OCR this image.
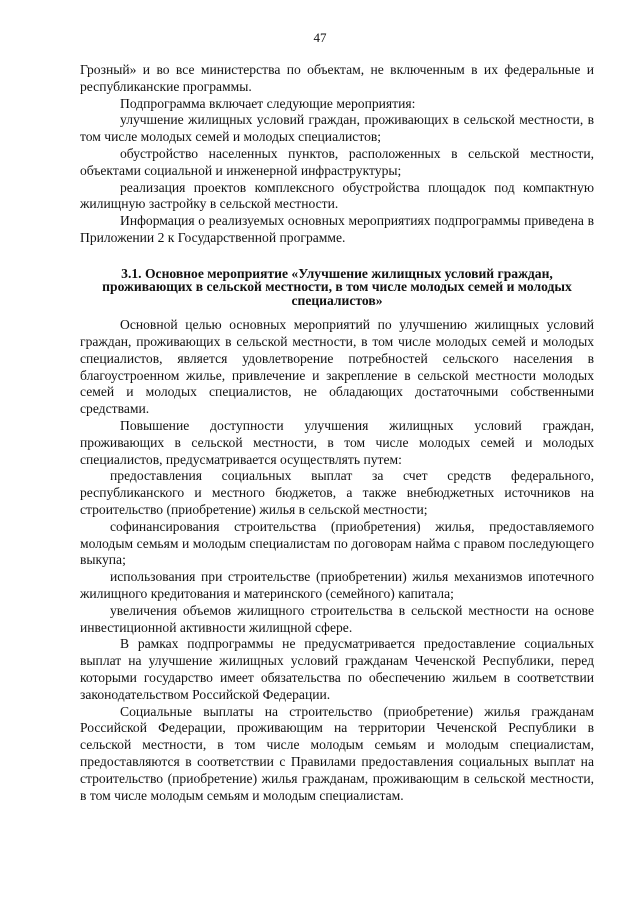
47

Грозный» и во все министерства по объектам, не включенным в их федеральные и республиканские программы.

Подпрограмма включает следующие мероприятия:

улучшение жилищных условий граждан, проживающих в сельской местности, в том числе молодых семей и молодых специалистов;

обустройство населенных пунктов, расположенных в сельской местности, объектами социальной и инженерной инфраструктуры;

реализация проектов комплексного обустройства площадок под компактную жилищную застройку в сельской местности.

Информация о реализуемых основных мероприятиях подпрограммы приведена в Приложении 2 к Государственной программе.

3.1. Основное мероприятие «Улучшение жилищных условий граждан, проживающих в сельской местности, в том числе молодых семей и молодых специалистов»

Основной целью основных мероприятий по улучшению жилищных условий граждан, проживающих в сельской местности, в том числе молодых семей и молодых специалистов, является удовлетворение потребностей сельского населения в благоустроенном жилье, привлечение и закрепление в сельской местности молодых семей и молодых специалистов, не обладающих достаточными собственными средствами.

Повышение доступности улучшения жилищных условий граждан, проживающих в сельской местности, в том числе молодых семей и молодых специалистов, предусматривается осуществлять путем:

предоставления социальных выплат за счет средств федерального, республиканского и местного бюджетов, а также внебюджетных источников на строительство (приобретение) жилья в сельской местности;

софинансирования строительства (приобретения) жилья, предоставляемого молодым семьям и молодым специалистам по договорам найма с правом последующего выкупа;

использования при строительстве (приобретении) жилья механизмов ипотечного жилищного кредитования и материнского (семейного) капитала;

увеличения объемов жилищного строительства в сельской местности на основе инвестиционной активности жилищной сфере.

В рамках подпрограммы не предусматривается предоставление социальных выплат на улучшение жилищных условий гражданам Чеченской Республики, перед которыми государство имеет обязательства по обеспечению жильем в соответствии законодательством Российской Федерации.

Социальные выплаты на строительство (приобретение) жилья гражданам Российской Федерации, проживающим на территории Чеченской Республики в сельской местности, в том числе молодым семьям и молодым специалистам, предоставляются в соответствии с Правилами предоставления социальных выплат на строительство (приобретение) жилья гражданам, проживающим в сельской местности, в том числе молодым семьям и молодым специалистам.
